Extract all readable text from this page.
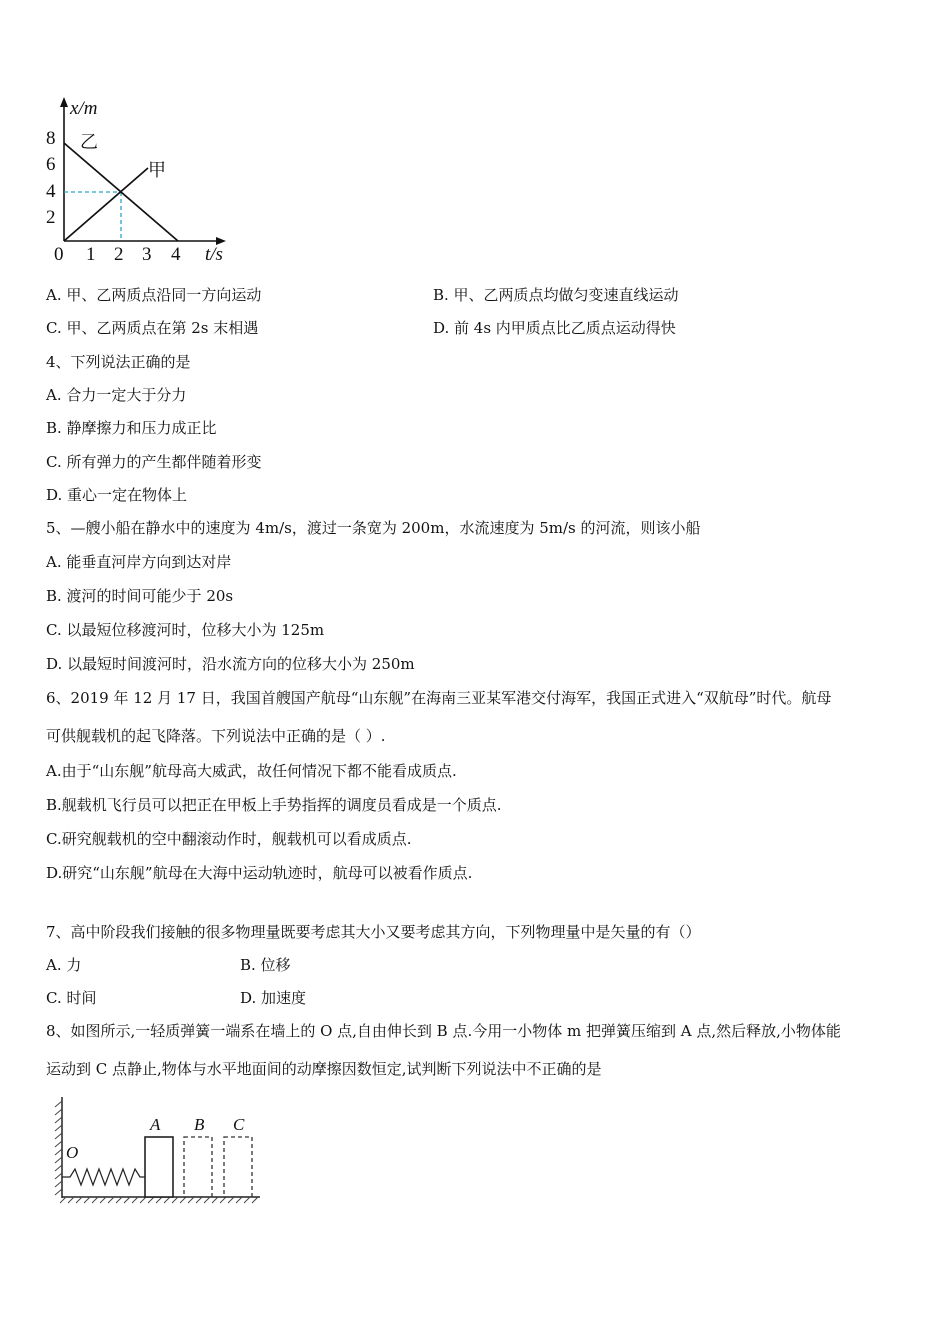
x/m
t/s
8
6
4
2
0 1 2 3 4
乙
甲
A. 甲、乙两质点沿同一方向运动	B. 甲、乙两质点均做匀变速直线运动
C. 甲、乙两质点在第 2s 末相遇	D. 前 4s 内甲质点比乙质点运动得快
4、下列说法正确的是
A. 合力一定大于分力
B. 静摩擦力和压力成正比
C. 所有弹力的产生都伴随着形变
D. 重心一定在物体上
5、—艘小船在静水中的速度为 4m/s，渡过一条宽为 200m，水流速度为 5m/s 的河流，则该小船
A. 能垂直河岸方向到达对岸
B. 渡河的时间可能少于 20s
C. 以最短位移渡河时，位移大小为 125m
D. 以最短时间渡河时，沿水流方向的位移大小为 250m
6、2019 年 12 月 17 日，我国首艘国产航母“山东舰”在海南三亚某军港交付海军，我国正式进入“双航母”时代。航母
可供舰载机的起飞降落。下列说法中正确的是（ ）.
A.由于“山东舰”航母高大威武，故任何情况下都不能看成质点.
B.舰载机飞行员可以把正在甲板上手势指挥的调度员看成是一个质点.
C.研究舰载机的空中翻滚动作时，舰载机可以看成质点.
D.研究“山东舰”航母在大海中运动轨迹时，航母可以被看作质点.
7、高中阶段我们接触的很多物理量既要考虑其大小又要考虑其方向，下列物理量中是矢量的有（）
A. 力	B. 位移
C. 时间	D. 加速度
8、如图所示,一轻质弹簧一端系在墙上的 O 点,自由伸长到 B 点.今用一小物体 m 把弹簧压缩到 A 点,然后释放,小物体能
运动到 C 点静止,物体与水平地面间的动摩擦因数恒定,试判断下列说法中不正确的是
O
A B C
